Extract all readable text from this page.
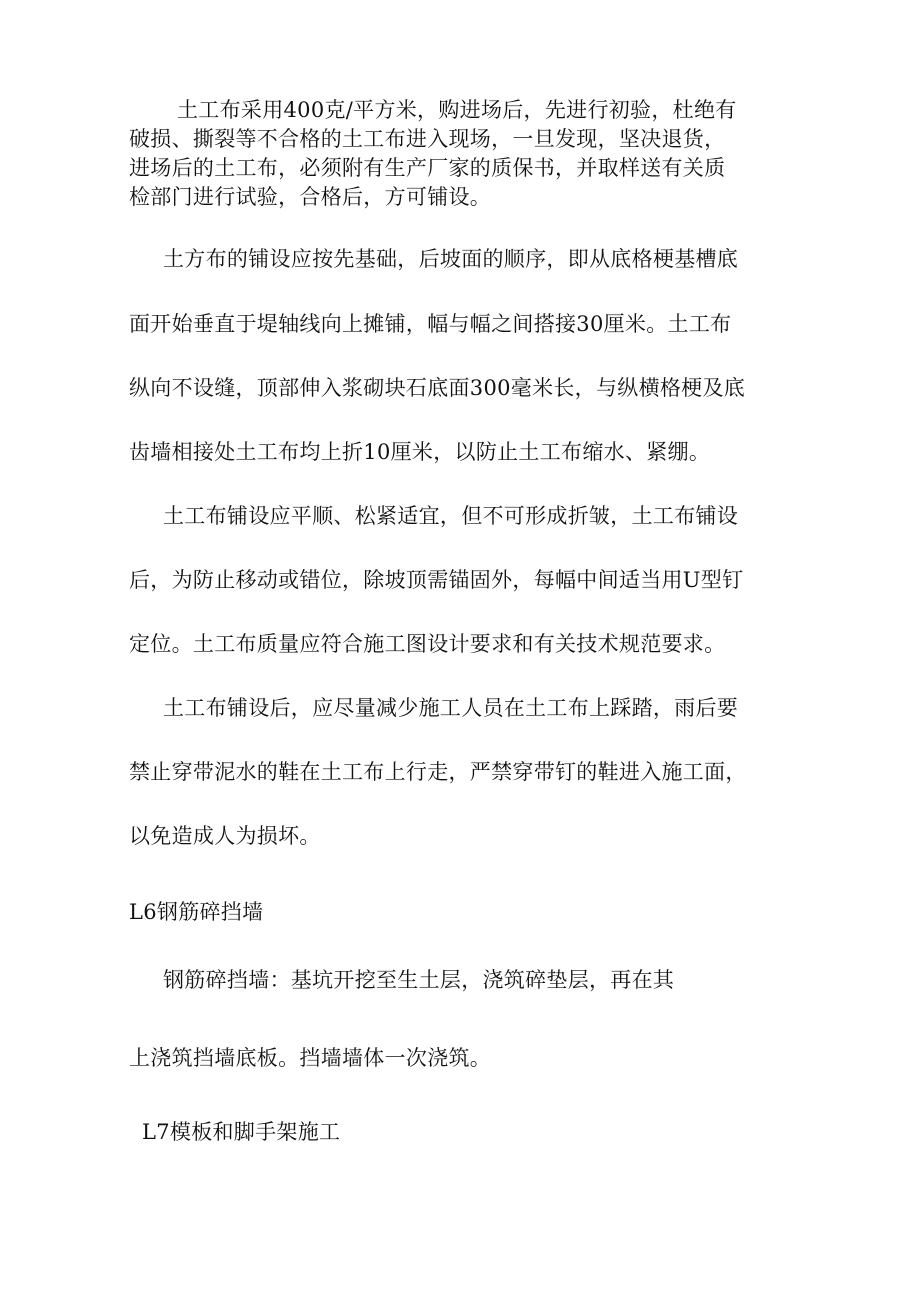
土工布采用400克/平方米，购进场后，先进行初验，杜绝有
破损、撕裂等不合格的土工布进入现场，一旦发现，坚决退货，
进场后的土工布，必须附有生产厂家的质保书，并取样送有关质
检部门进行试验，合格后，方可铺设。
土方布的铺设应按先基础，后坡面的顺序，即从底格梗基槽底
面开始垂直于堤轴线向上摊铺，幅与幅之间搭接30厘米。土工布
纵向不设缝，顶部伸入浆砌块石底面300毫米长，与纵横格梗及底
齿墙相接处土工布均上折10厘米，以防止土工布缩水、紧绷。
土工布铺设应平顺、松紧适宜，但不可形成折皱，土工布铺设
后，为防止移动或错位，除坡顶需锚固外，每幅中间适当用U型钉
定位。土工布质量应符合施工图设计要求和有关技术规范要求。
土工布铺设后，应尽量减少施工人员在土工布上踩踏，雨后要
禁止穿带泥水的鞋在土工布上行走，严禁穿带钉的鞋进入施工面，
以免造成人为损坏。
L6钢筋碎挡墙
钢筋碎挡墙：基坑开挖至生土层，浇筑碎垫层，再在其
上浇筑挡墙底板。挡墙墙体一次浇筑。
L7模板和脚手架施工
